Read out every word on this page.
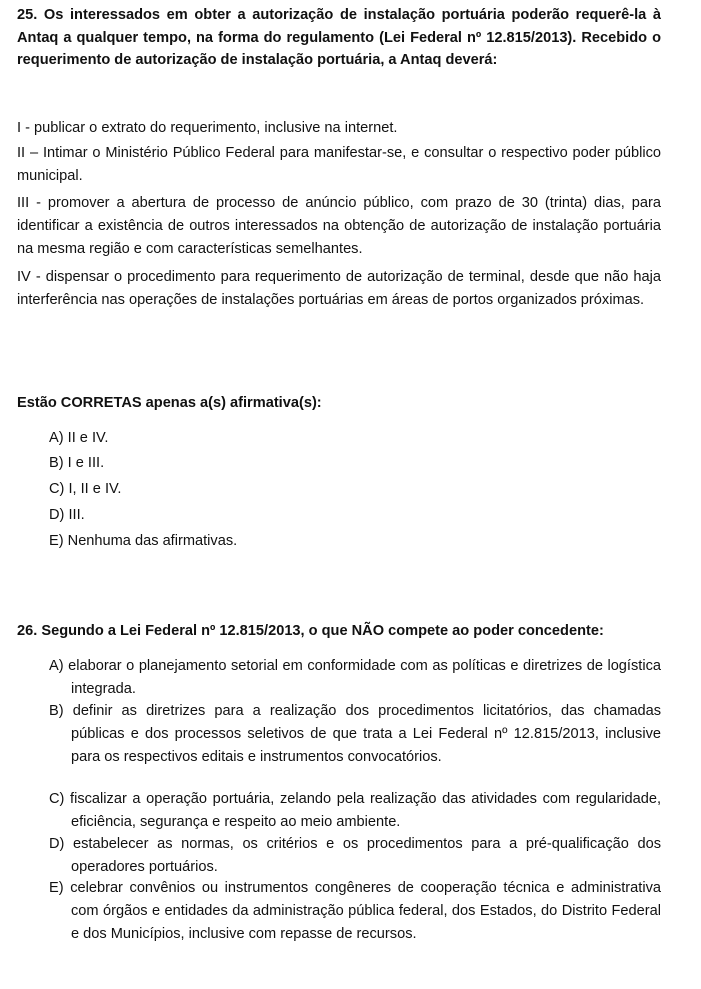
25. Os interessados em obter a autorização de instalação portuária poderão requerê-la à Antaq a qualquer tempo, na forma do regulamento (Lei Federal nº 12.815/2013). Recebido o requerimento de autorização de instalação portuária, a Antaq deverá:
I - publicar o extrato do requerimento, inclusive na internet.
II – Intimar o Ministério Público Federal para manifestar-se, e consultar o respectivo poder público municipal.
III - promover a abertura de processo de anúncio público, com prazo de 30 (trinta) dias, para identificar a existência de outros interessados na obtenção de autorização de instalação portuária na mesma região e com características semelhantes.
IV - dispensar o procedimento para requerimento de autorização de terminal, desde que não haja interferência nas operações de instalações portuárias em áreas de portos organizados próximas.
Estão CORRETAS apenas a(s) afirmativa(s):
A) II e IV.
B) I e III.
C) I, II e IV.
D) III.
E) Nenhuma das afirmativas.
26. Segundo a Lei Federal nº 12.815/2013, o que NÃO compete ao poder concedente:
A) elaborar o planejamento setorial em conformidade com as políticas e diretrizes de logística integrada.
B) definir as diretrizes para a realização dos procedimentos licitatórios, das chamadas públicas e dos processos seletivos de que trata a Lei Federal nº 12.815/2013, inclusive para os respectivos editais e instrumentos convocatórios.
C) fiscalizar a operação portuária, zelando pela realização das atividades com regularidade, eficiência, segurança e respeito ao meio ambiente.
D) estabelecer as normas, os critérios e os procedimentos para a pré-qualificação dos operadores portuários.
E) celebrar convênios ou instrumentos congêneres de cooperação técnica e administrativa com órgãos e entidades da administração pública federal, dos Estados, do Distrito Federal e dos Municípios, inclusive com repasse de recursos.
